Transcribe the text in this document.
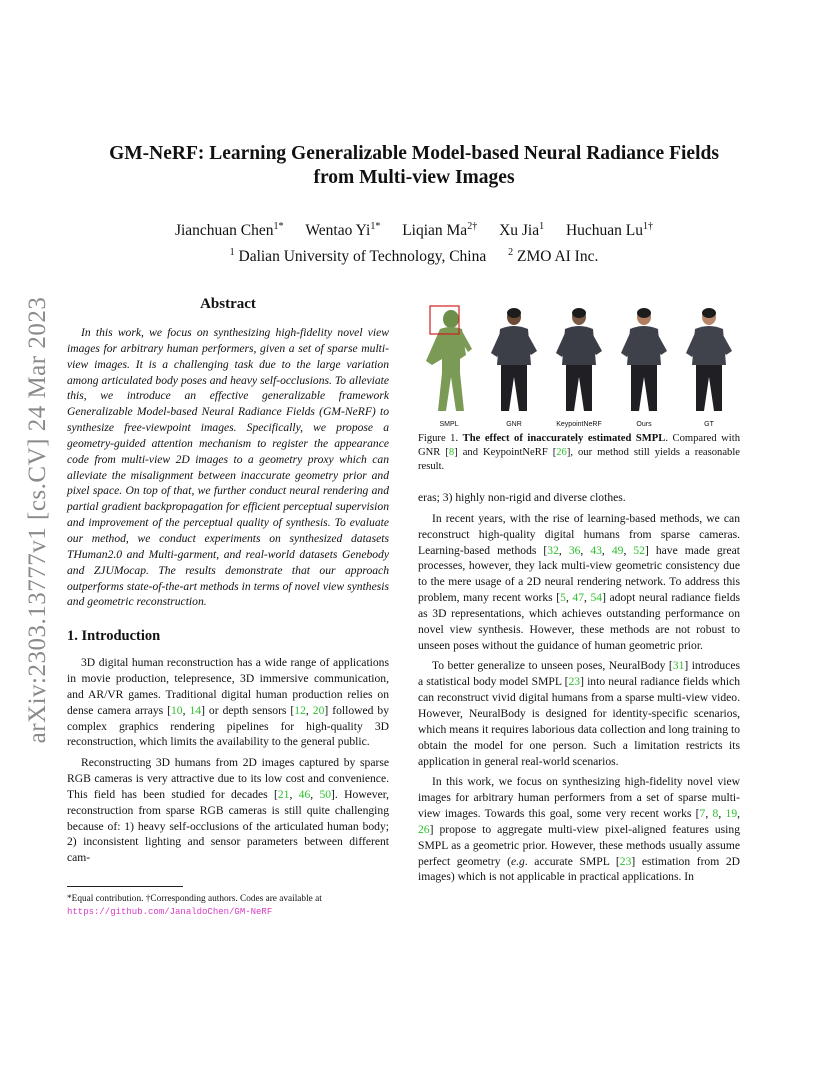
arXiv:2303.13777v1 [cs.CV] 24 Mar 2023
GM-NeRF: Learning Generalizable Model-based Neural Radiance Fields
from Multi-view Images
Jianchuan Chen$^{1*}$ Wentao $Yi^{1*}$ Liqian $Ma^{2\dagger}$ Xu Jia$^1$ Huchuan $Lu^{1\dagger}$
$^1$ Dalian University of Technology, China $^2$ ZMO AI Inc.
Abstract

In this work, we focus on synthesizing high-fidelity novel view images for arbitrary human performers, given a set of sparse multi-view images. It is a challenging task due to the large variation among articulated body poses and heavy self-occlusions. To alleviate this, we introduce an effective generalizable framework Generalizable Model-based Neural Radiance Fields (GM-NeRF) to synthesize free-viewpoint images. Specifically, we propose a geometry-guided attention mechanism to register the appearance code from multi-view 2D images to a geometry proxy which can alleviate the misalignment between inaccurate geometry prior and pixel space. On top of that, we further conduct neural rendering and partial gradient backpropagation for efficient perceptual supervision and improvement of the perceptual quality of synthesis. To evaluate our method, we conduct experiments on synthesized datasets THuman2.0 and Multi-garment, and real-world datasets Genebody and ZJUMocap. The results demonstrate that our approach outperforms state-of-the-art methods in terms of novel view synthesis and geometric reconstruction.

1. Introduction

3D digital human reconstruction has a wide range of applications in movie production, telepresence, 3D immersive communication, and AR/VR games. Traditional digital human production relies on dense camera arrays [10, 14] or depth sensors [12, 20] followed by complex graphics rendering pipelines for high-quality 3D reconstruction, which limits the availability to the general public.

Reconstructing 3D humans from 2D images captured by sparse RGB cameras is very attractive due to its low cost and convenience. This field has been studied for decades [21, 46, 50]. However, reconstruction from sparse RGB cameras is still quite challenging because of: 1) heavy self-occlusions of the articulated human body; 2) inconsistent lighting and sensor parameters between different cam-

*Equal contribution. †Corresponding authors. Codes are available at
https://github.com/JanaldoChen/GM-NeRF

SMPL	GNR	KeypointNeRF	Ours	GT

Figure 1. The effect of inaccurately estimated SMPL. Compared with GNR [8] and KeypointNeRF [26], our method still yields a reasonable result.

eras; 3) highly non-rigid and diverse clothes.

In recent years, with the rise of learning-based methods, we can reconstruct high-quality digital humans from sparse cameras. Learning-based methods [32, 36, 43, 49, 52] have made great processes, however, they lack multi-view geometric consistency due to the mere usage of a 2D neural rendering network. To address this problem, many recent works [5, 47, 54] adopt neural radiance fields as 3D representations, which achieves outstanding performance on novel view synthesis. However, these methods are not robust to unseen poses without the guidance of human geometric prior.

To better generalize to unseen poses, NeuralBody [31] introduces a statistical body model SMPL [23] into neural radiance fields which can reconstruct vivid digital humans from a sparse multi-view video. However, NeuralBody is designed for identity-specific scenarios, which means it requires laborious data collection and long training to obtain the model for one person. Such a limitation restricts its application in general real-world scenarios.

In this work, we focus on synthesizing high-fidelity novel view images for arbitrary human performers from a set of sparse multi-view images. Towards this goal, some very recent works [7, 8, 19, 26] propose to aggregate multi-view pixel-aligned features using SMPL as a geometric prior. However, these methods usually assume perfect geometry (e.g. accurate SMPL [23] estimation from 2D images) which is not applicable in practical applications. In
